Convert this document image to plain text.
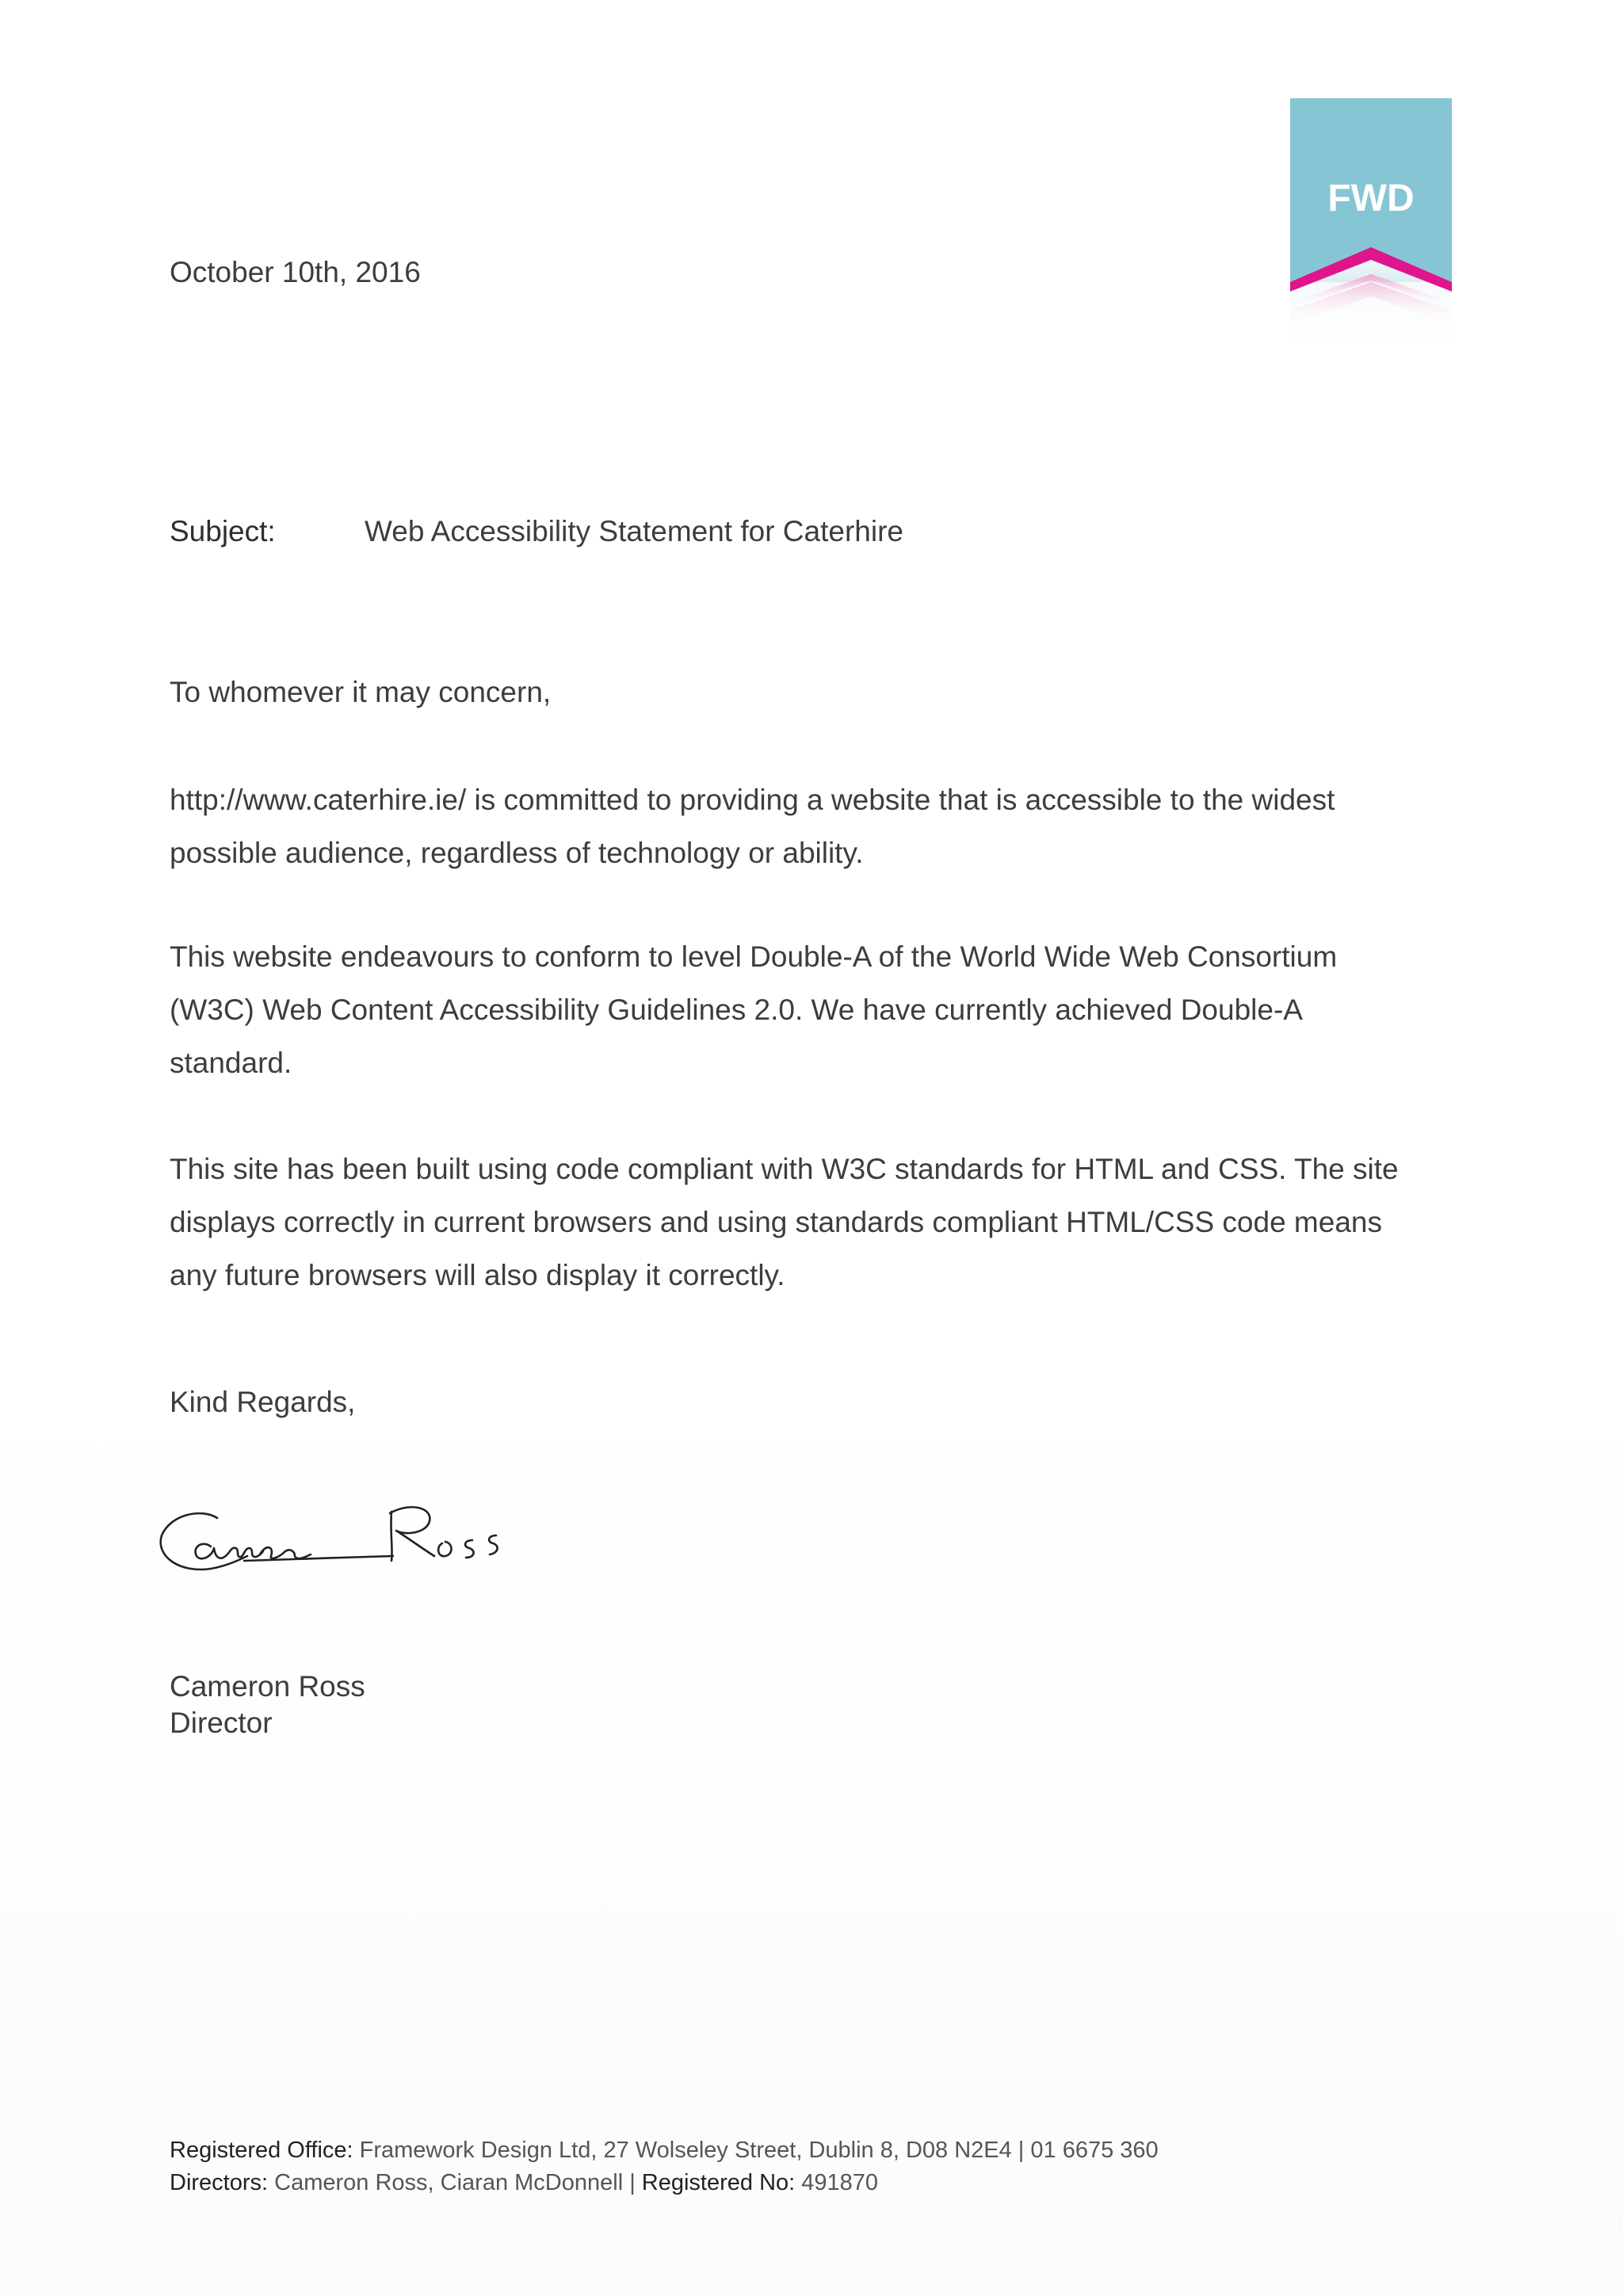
FWD
October 10th, 2016
Subject:	Web Accessibility Statement for Caterhire
To whomever it may concern,
http://www.caterhire.ie/ is committed to providing a website that is accessible to the widest
possible audience, regardless of technology or ability.
This website endeavours to conform to level Double-A of the World Wide Web Consortium
(W3C) Web Content Accessibility Guidelines 2.0. We have currently achieved Double-A
standard.
This site has been built using code compliant with W3C standards for HTML and CSS. The site
displays correctly in current browsers and using standards compliant HTML/CSS code means
any future browsers will also display it correctly.
Kind Regards,
Cameron Ross
Director
Registered Office: Framework Design Ltd, 27 Wolseley Street, Dublin 8, D08 N2E4 | 01 6675 360
Directors: Cameron Ross, Ciaran McDonnell | Registered No: 491870
